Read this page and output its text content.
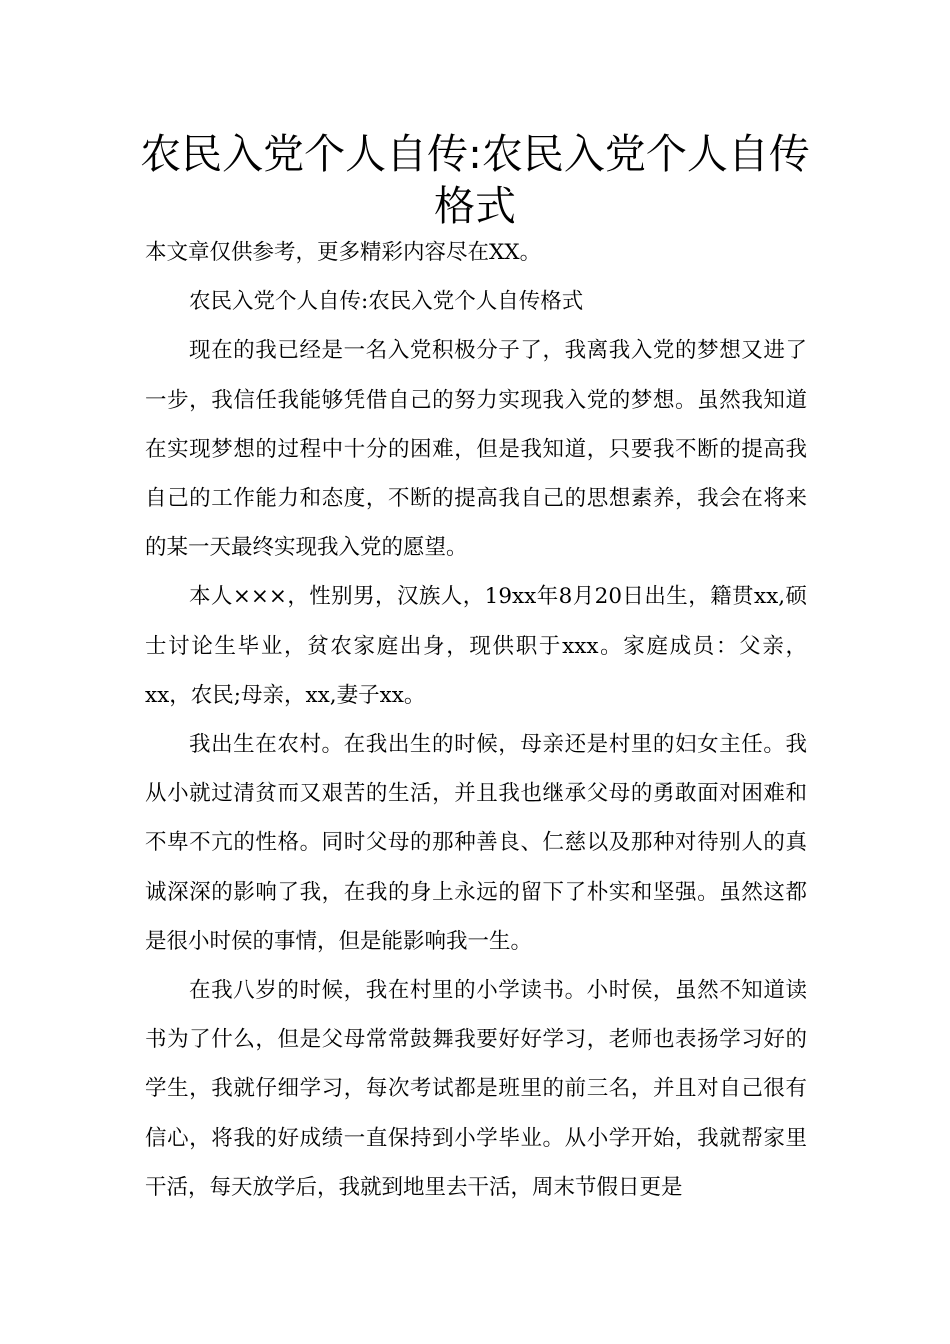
农民入党个人自传:农民入党个人自传格式

本文章仅供参考，更多精彩内容尽在XX。

农民入党个人自传:农民入党个人自传格式

现在的我已经是一名入党积极分子了，我离我入党的梦想又进了一步，我信任我能够凭借自己的努力实现我入党的梦想。虽然我知道在实现梦想的过程中十分的困难，但是我知道，只要我不断的提高我自己的工作能力和态度，不断的提高我自己的思想素养，我会在将来的某一天最终实现我入党的愿望。

本人×××，性别男，汉族人，19xx年8月20日出生，籍贯xx,硕士讨论生毕业，贫农家庭出身，现供职于xxx。家庭成员：父亲，xx，农民;母亲，xx,妻子xx。

我出生在农村。在我出生的时候，母亲还是村里的妇女主任。我从小就过清贫而又艰苦的生活，并且我也继承父母的勇敢面对困难和不卑不亢的性格。同时父母的那种善良、仁慈以及那种对待别人的真诚深深的影响了我，在我的身上永远的留下了朴实和坚强。虽然这都是很小时侯的事情，但是能影响我一生。

在我八岁的时候，我在村里的小学读书。小时侯，虽然不知道读书为了什么，但是父母常常鼓舞我要好好学习，老师也表扬学习好的学生，我就仔细学习，每次考试都是班里的前三名，并且对自己很有信心，将我的好成绩一直保持到小学毕业。从小学开始，我就帮家里干活，每天放学后，我就到地里去干活，周末节假日更是
